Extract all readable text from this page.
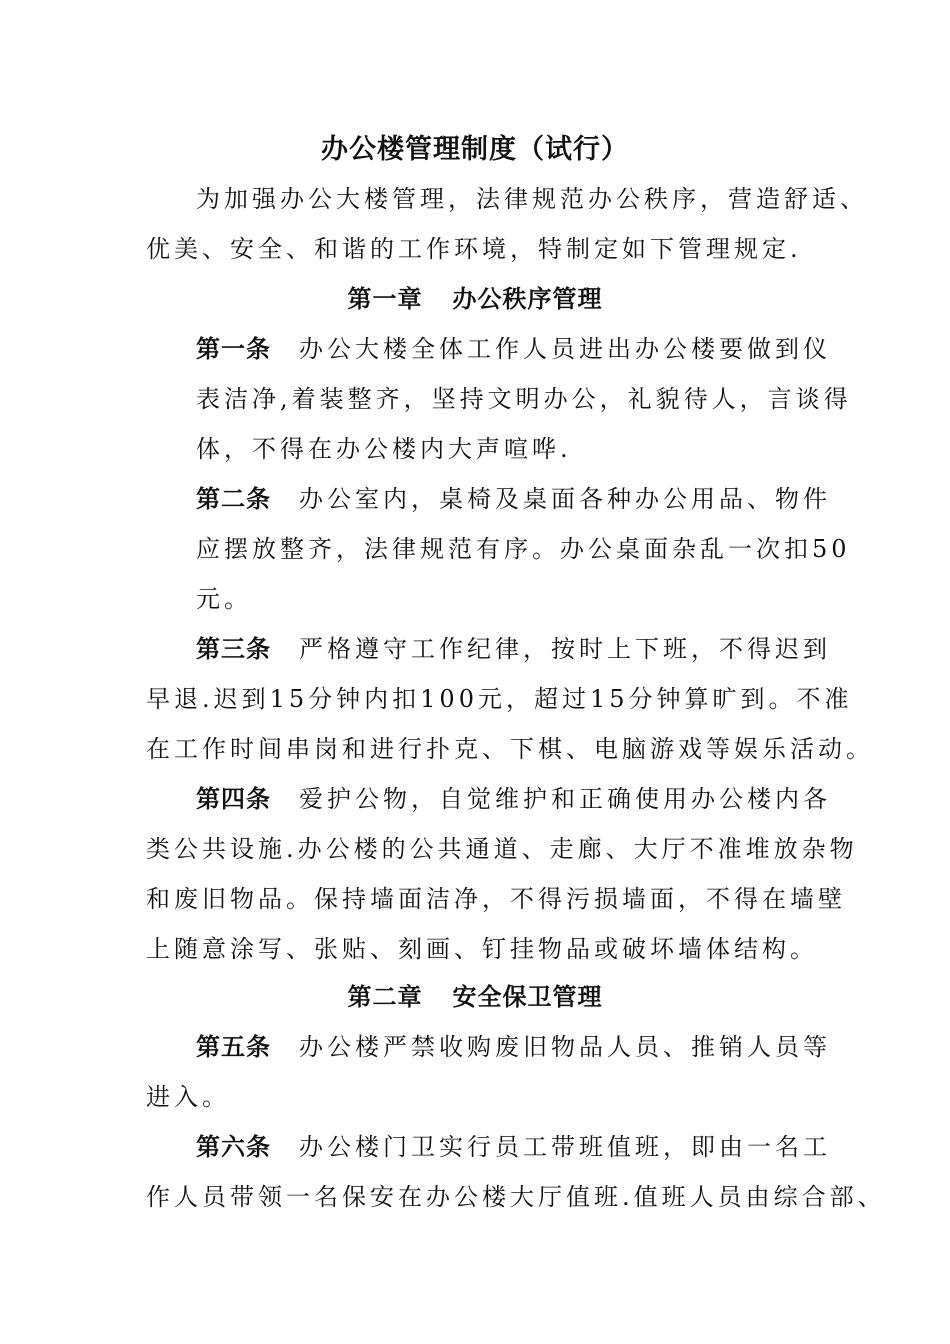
办公楼管理制度（试行）
为加强办公大楼管理，法律规范办公秩序，营造舒适、
优美、安全、和谐的工作环境，特制定如下管理规定.
第一章 办公秩序管理
第一条 办公大楼全体工作人员进出办公楼要做到仪
表洁净,着装整齐，坚持文明办公，礼貌待人，言谈得
体，不得在办公楼内大声喧哗.
第二条 办公室内，桌椅及桌面各种办公用品、物件
应摆放整齐，法律规范有序。办公桌面杂乱一次扣50
元。
第三条 严格遵守工作纪律，按时上下班，不得迟到
早退.迟到15分钟内扣100元，超过15分钟算旷到。不准
在工作时间串岗和进行扑克、下棋、电脑游戏等娱乐活动。
第四条 爱护公物，自觉维护和正确使用办公楼内各
类公共设施.办公楼的公共通道、走廊、大厅不准堆放杂物
和废旧物品。保持墙面洁净，不得污损墙面，不得在墙壁
上随意涂写、张贴、刻画、钉挂物品或破坏墙体结构。
第二章 安全保卫管理
第五条 办公楼严禁收购废旧物品人员、推销人员等
进入。
第六条 办公楼门卫实行员工带班值班，即由一名工
作人员带领一名保安在办公楼大厅值班.值班人员由综合部、
